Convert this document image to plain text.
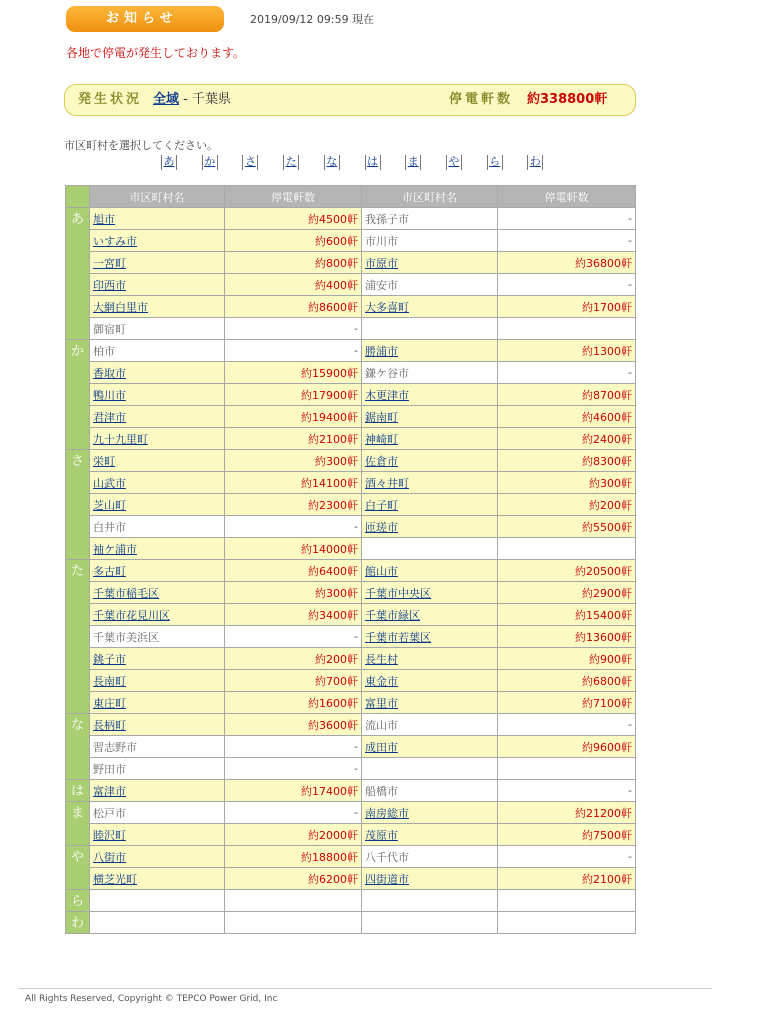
お知らせ	2019/09/12 09:59 現在
各地で停電が発生しております。
発生状況 全域 - 千葉県	停電軒数 約338800軒
市区町村を選択してください。
あ	か	さ	た	な	は	ま	や	ら	わ
	市区町村名	停電軒数	市区町村名	停電軒数
あ	旭市	約4500軒	我孫子市	-
	いすみ市	約600軒	市川市	-
	一宮町	約800軒	市原市	約36800軒
	印西市	約400軒	浦安市	-
	大網白里市	約8600軒	大多喜町	約1700軒
	御宿町	-		
か	柏市	-	勝浦市	約1300軒
	香取市	約15900軒	鎌ケ谷市	-
	鴨川市	約17900軒	木更津市	約8700軒
	君津市	約19400軒	鋸南町	約4600軒
	九十九里町	約2100軒	神崎町	約2400軒
さ	栄町	約300軒	佐倉市	約8300軒
	山武市	約14100軒	酒々井町	約300軒
	芝山町	約2300軒	白子町	約200軒
	白井市	-	匝瑳市	約5500軒
	袖ケ浦市	約14000軒		
た	多古町	約6400軒	館山市	約20500軒
	千葉市稲毛区	約300軒	千葉市中央区	約2900軒
	千葉市花見川区	約3400軒	千葉市緑区	約15400軒
	千葉市美浜区	-	千葉市若葉区	約13600軒
	銚子市	約200軒	長生村	約900軒
	長南町	約700軒	東金市	約6800軒
	東庄町	約1600軒	富里市	約7100軒
な	長柄町	約3600軒	流山市	-
	習志野市	-	成田市	約9600軒
	野田市	-		
は	富津市	約17400軒	船橋市	-
ま	松戸市	-	南房総市	約21200軒
	睦沢町	約2000軒	茂原市	約7500軒
や	八街市	約18800軒	八千代市	-
	横芝光町	約6200軒	四街道市	約2100軒
ら				
わ				
All Rights Reserved, Copyright © TEPCO Power Grid, Inc
